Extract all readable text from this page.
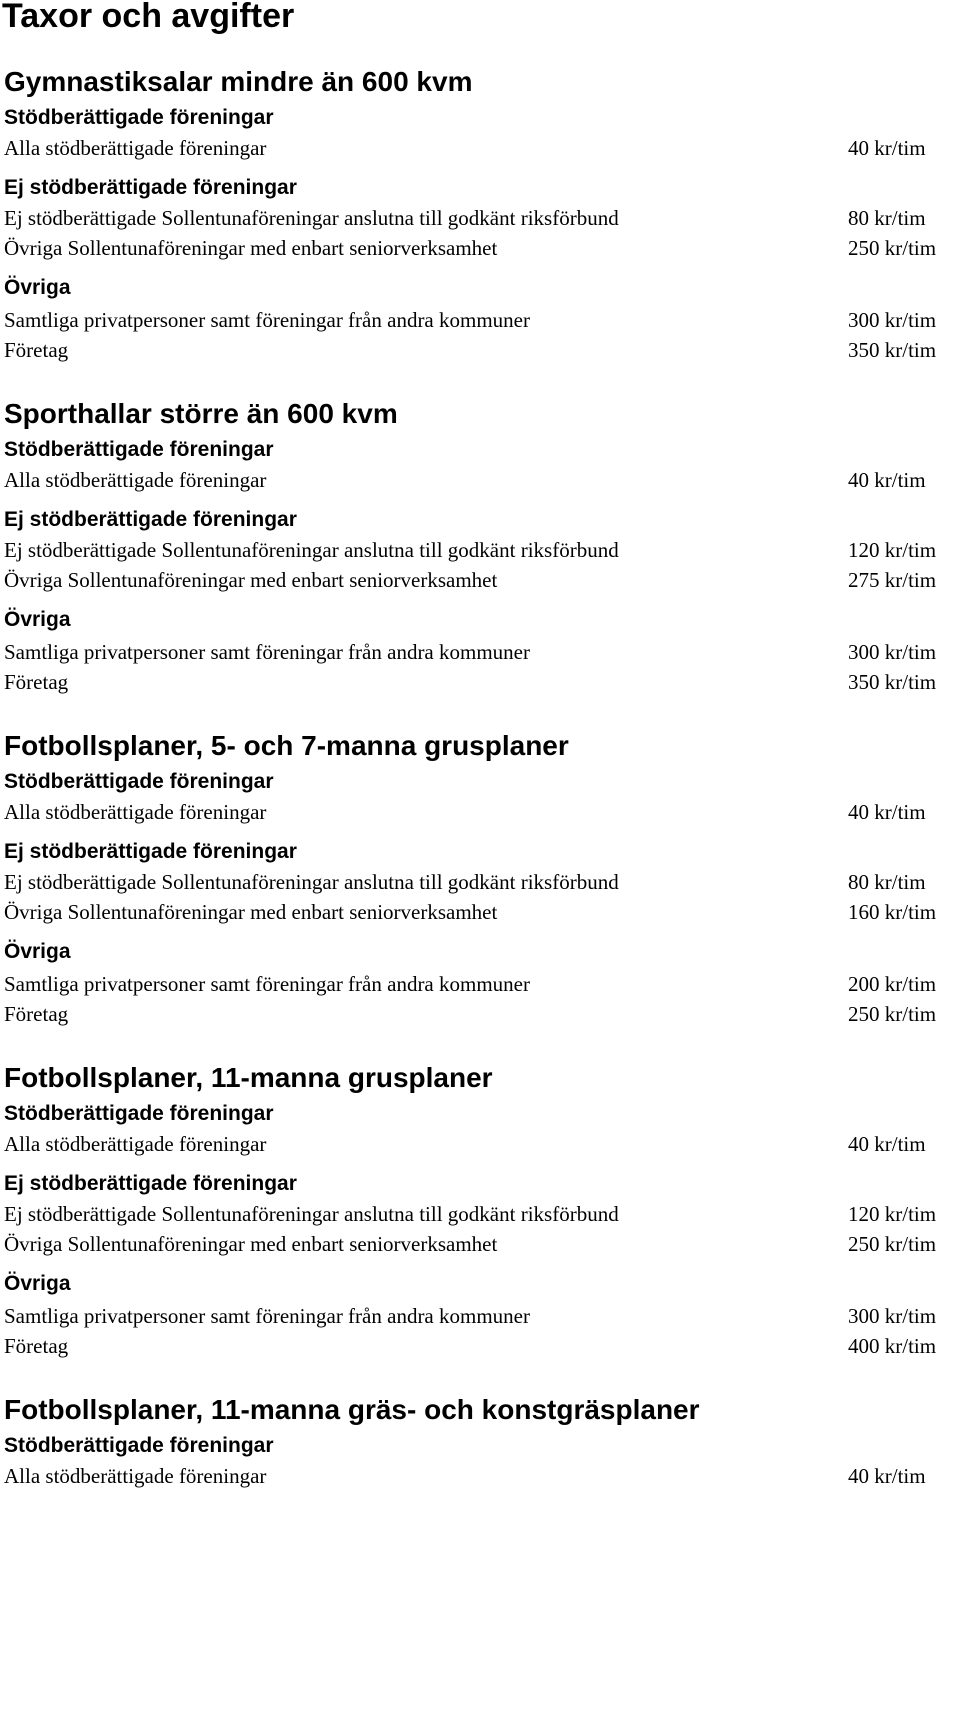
Taxor och avgifter
Gymnastiksalar mindre än 600 kvm
Stödberättigade föreningar
Alla stödberättigade föreningar	40 kr/tim
Ej stödberättigade föreningar
Ej stödberättigade Sollentunaföreningar anslutna till godkänt riksförbund	80 kr/tim
Övriga Sollentunaföreningar med enbart seniorverksamhet	250 kr/tim
Övriga
Samtliga privatpersoner samt föreningar från andra kommuner	300 kr/tim
Företag	350 kr/tim
Sporthallar större än 600 kvm
Stödberättigade föreningar
Alla stödberättigade föreningar	40 kr/tim
Ej stödberättigade föreningar
Ej stödberättigade Sollentunaföreningar anslutna till godkänt riksförbund	120 kr/tim
Övriga Sollentunaföreningar med enbart seniorverksamhet	275 kr/tim
Övriga
Samtliga privatpersoner samt föreningar från andra kommuner	300 kr/tim
Företag	350 kr/tim
Fotbollsplaner, 5- och 7-manna grusplaner
Stödberättigade föreningar
Alla stödberättigade föreningar	40 kr/tim
Ej stödberättigade föreningar
Ej stödberättigade Sollentunaföreningar anslutna till godkänt riksförbund	80 kr/tim
Övriga Sollentunaföreningar med enbart seniorverksamhet	160 kr/tim
Övriga
Samtliga privatpersoner samt föreningar från andra kommuner	200 kr/tim
Företag	250 kr/tim
Fotbollsplaner, 11-manna grusplaner
Stödberättigade föreningar
Alla stödberättigade föreningar	40 kr/tim
Ej stödberättigade föreningar
Ej stödberättigade Sollentunaföreningar anslutna till godkänt riksförbund	120 kr/tim
Övriga Sollentunaföreningar med enbart seniorverksamhet	250 kr/tim
Övriga
Samtliga privatpersoner samt föreningar från andra kommuner	300 kr/tim
Företag	400 kr/tim
Fotbollsplaner, 11-manna gräs- och konstgräsplaner
Stödberättigade föreningar
Alla stödberättigade föreningar	40 kr/tim
